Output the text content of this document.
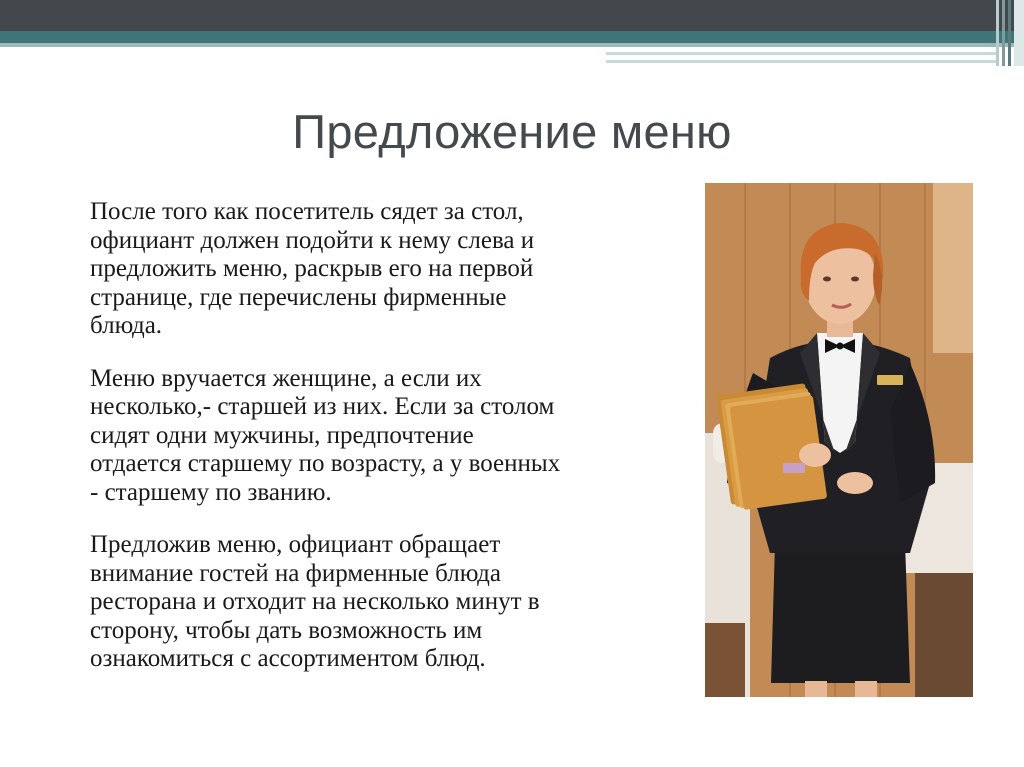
Предложение меню

После того как посетитель сядет за стол,
официант должен подойти к нему слева и
предложить меню, раскрыв его на первой
странице, где перечислены фирменные
блюда.

Меню вручается женщине, а если их
несколько,- старшей из них. Если за столом
сидят одни мужчины, предпочтение
отдается старшему по возрасту, а у военных
- старшему по званию.

Предложив меню, официант обращает
внимание гостей на фирменные блюда
ресторана и отходит на несколько минут в
сторону, чтобы дать возможность им
ознакомиться с ассортиментом блюд.
